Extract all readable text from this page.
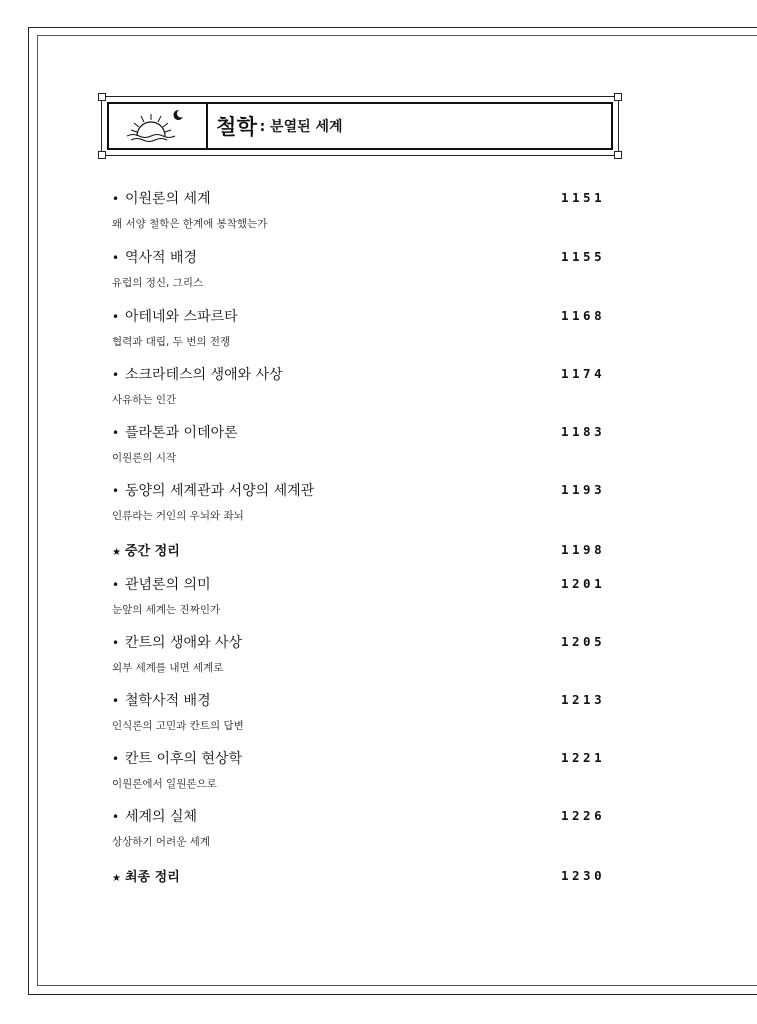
철학 : 분열된 세계
• 이원론의 세계
왜 서양 철학은 한계에 봉착했는가
1151
• 역사적 배경
유럽의 정신, 그리스
1155
• 아테네와 스파르타
협력과 대립, 두 번의 전쟁
1168
• 소크라테스의 생애와 사상
사유하는 인간
1174
• 플라톤과 이데아론
이원론의 시작
1183
• 동양의 세계관과 서양의 세계관
인류라는 거인의 우뇌와 좌뇌
1193
★ 중간 정리	1198
• 관념론의 의미
눈앞의 세계는 진짜인가
1201
• 칸트의 생애와 사상
외부 세계를 내면 세계로
1205
• 철학사적 배경
인식론의 고민과 칸트의 답변
1213
• 칸트 이후의 현상학
이원론에서 일원론으로
1221
• 세계의 실체
상상하기 어려운 세계
1226
★ 최종 정리	1230
